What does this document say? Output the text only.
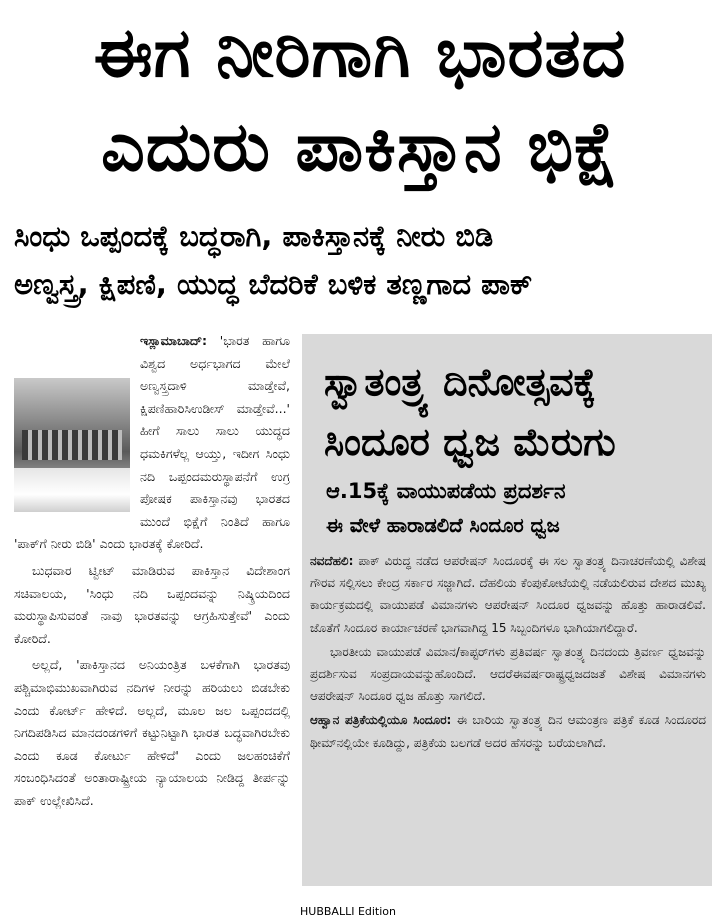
ಈಗ ನೀರಿಗಾಗಿ ಭಾರತದ
ಎದುರು ಪಾಕಿಸ್ತಾನ ಭಿಕ್ಷೆ
ಸಿಂಧು ಒಪ್ಪಂದಕ್ಕೆ ಬದ್ಧರಾಗಿ, ಪಾಕಿಸ್ತಾನಕ್ಕೆ ನೀರು ಬಿಡಿ
ಅಣ್ವಸ್ತ್ರ, ಕ್ಷಿಪಣಿ, ಯುದ್ಧ ಬೆದರಿಕೆ ಬಳಿಕ ತಣ್ಣಗಾದ ಪಾಕ್

ಇಸ್ಲಾಮಾಬಾದ್: 'ಭಾರತ ಹಾಗೂ ವಿಶ್ವದ ಅರ್ಧಭಾಗದ ಮೇಲೆ ಅಣ್ವಸ್ತ್ರದಾಳಿ ಮಾಡ್ತೇವೆ, ಕ್ಷಿಪಣಿಹಾರಿಸಿಉಡೀಸ್ ಮಾಡ್ತೇವೆ...' ಹೀಗೆ ಸಾಲು ಸಾಲು ಯುದ್ಧದ ಧಮಕಿಗಳೆಲ್ಲ ಆಯ್ತು, ಇದೀಗ ಸಿಂಧು ನದಿ ಒಪ್ಪಂದಮರುಸ್ಥಾಪನೆಗೆ ಉಗ್ರ ಪೋಷಕ ಪಾಕಿಸ್ತಾನವು ಭಾರತದ ಮುಂದೆ ಭಿಕ್ಷೆಗೆ ನಿಂತಿದೆ ಹಾಗೂ 'ಪಾಕ್‌ಗೆ ನೀರು ಬಿಡಿ' ಎಂದು ಭಾರತಕ್ಕೆ ಕೋರಿದೆ.

ಬುಧವಾರ ಟ್ವೀಟ್ ಮಾಡಿರುವ ಪಾಕಿಸ್ತಾನ ವಿದೇಶಾಂಗ ಸಚಿವಾಲಯ, 'ಸಿಂಧು ನದಿ ಒಪ್ಪಂದವನ್ನು ನಿಷ್ಕ್ರಿಯದಿಂದ ಮರುಸ್ಥಾಪಿಸುವಂತೆ ನಾವು ಭಾರತವನ್ನು ಆಗ್ರಹಿಸುತ್ತೇವೆ' ಎಂದು ಕೋರಿದೆ.

ಅಲ್ಲದೆ, 'ಪಾಕಿಸ್ತಾನದ ಅನಿಯಂತ್ರಿತ ಬಳಕೆಗಾಗಿ ಭಾರತವು ಪಶ್ಚಿಮಾಭಿಮುಖವಾಗಿರುವ ನದಿಗಳ ನೀರನ್ನು ಹರಿಯಲು ಬಿಡಬೇಕು ಎಂದು ಕೋರ್ಟ್ ಹೇಳಿದೆ. ಅಲ್ಲದೆ, ಮೂಲ ಜಲ ಒಪ್ಪಂದದಲ್ಲಿ ನಿಗದಿಪಡಿಸಿದ ಮಾನದಂಡಗಳಿಗೆ ಕಟ್ಟುನಿಟ್ಟಾಗಿ ಭಾರತ ಬದ್ಧವಾಗಿರಬೇಕು ಎಂದು ಕೂಡ ಕೋರ್ಟು ಹೇಳಿದೆ' ಎಂದು ಜಲಹಂಚಿಕೆಗೆ ಸಂಬಂಧಿಸಿದಂತೆ ಅಂತಾರಾಷ್ಟ್ರೀಯ ನ್ಯಾಯಾಲಯ ನೀಡಿದ್ದ ತೀರ್ಪನ್ನು ಪಾಕ್ ಉಲ್ಲೇಖಿಸಿದೆ.

ಸ್ವಾತಂತ್ರ್ಯ ದಿನೋತ್ಸವಕ್ಕೆ
ಸಿಂದೂರ ಧ್ವಜ ಮೆರುಗು
ಆ.15ಕ್ಕೆ ವಾಯುಪಡೆಯ ಪ್ರದರ್ಶನ
ಈ ವೇಳೆ ಹಾರಾಡಲಿದೆ ಸಿಂದೂರ ಧ್ವಜ

ನವದೆಹಲಿ: ಪಾಕ್ ವಿರುದ್ಧ ನಡೆದ ಆಪರೇಷನ್ ಸಿಂದೂರಕ್ಕೆ ಈ ಸಲ ಸ್ವಾತಂತ್ರ್ಯ ದಿನಾಚರಣೆಯಲ್ಲಿ ವಿಶೇಷ ಗೌರವ ಸಲ್ಲಿಸಲು ಕೇಂದ್ರ ಸರ್ಕಾರ ಸಜ್ಜಾಗಿದೆ. ದೆಹಲಿಯ ಕೆಂಪುಕೋಟೆಯಲ್ಲಿ ನಡೆಯಲಿರುವ ದೇಶದ ಮುಖ್ಯ ಕಾರ್ಯಕ್ರಮದಲ್ಲಿ ವಾಯುಪಡೆ ವಿಮಾನಗಳು ಆಪರೇಷನ್ ಸಿಂದೂರ ಧ್ವಜವನ್ನು ಹೊತ್ತು ಹಾರಾಡಲಿವೆ. ಜೊತೆಗೆ ಸಿಂದೂರ ಕಾರ್ಯಾಚರಣೆ ಭಾಗವಾಗಿದ್ದ 15 ಸಿಬ್ಬಂದಿಗಳೂ ಭಾಗಿಯಾಗಲಿದ್ದಾರೆ.

ಭಾರತೀಯ ವಾಯುಪಡೆ ವಿಮಾನ/ಕಾಪ್ಟರ್‌ಗಳು ಪ್ರತಿವರ್ಷ ಸ್ವಾತಂತ್ರ್ಯ ದಿನದಂದು ತ್ರಿವರ್ಣ ಧ್ವಜವನ್ನು ಪ್ರದರ್ಶಿಸುವ ಸಂಪ್ರದಾಯವನ್ನುಹೊಂದಿದೆ. ಆದರೆಈವರ್ಷರಾಷ್ಟ್ರಧ್ವಜದಜತೆ ವಿಶೇಷ ವಿಮಾನಗಳು ಆಪರೇಷನ್ ಸಿಂದೂರ ಧ್ವಜ ಹೊತ್ತು ಸಾಗಲಿದೆ.

ಆಹ್ವಾನ ಪತ್ರಿಕೆಯಲ್ಲಿಯೂ ಸಿಂದೂರ: ಈ ಬಾರಿಯ ಸ್ವಾತಂತ್ರ್ಯ ದಿನ ಆಮಂತ್ರಣ ಪತ್ರಿಕೆ ಕೂಡ ಸಿಂದೂರದ ಥೀಮ್‌ನಲ್ಲಿಯೇ ಕೂಡಿದ್ದು, ಪತ್ರಿಕೆಯ ಬಲಗಡೆ ಅದರ ಹೆಸರನ್ನು ಬರೆಯಲಾಗಿದೆ.

HUBBALLI Edition
